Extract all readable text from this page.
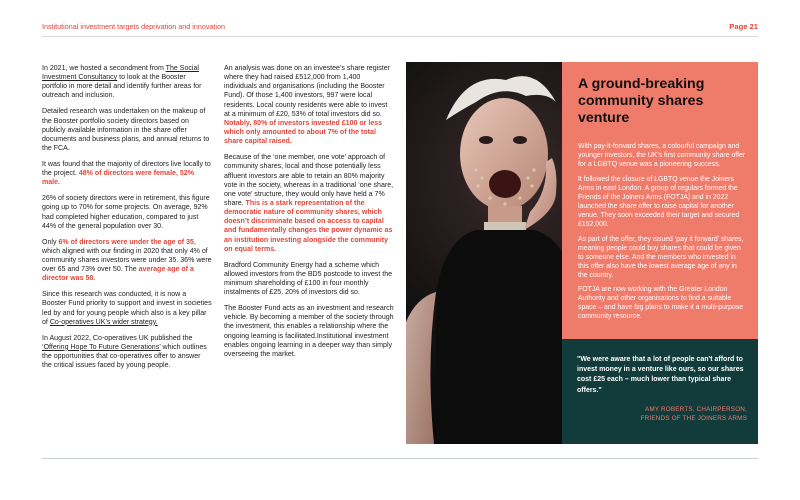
Institutional investment targets deprivation and innovation	Page 21

In 2021, we hosted a secondment from The Social Investment Consultancy to look at the Booster portfolio in more detail and identify further areas for outreach and inclusion.

Detailed research was undertaken on the makeup of the Booster portfolio society directors based on publicly available information in the share offer documents and business plans, and annual returns to the FCA.

It was found that the majority of directors live locally to the project. 48% of directors were female, 52% male.

26% of society directors were in retirement, this figure going up to 70% for some projects. On average, 92% had completed higher education, compared to just 44% of the general population over 30.

Only 6% of directors were under the age of 35, which aligned with our finding in 2020 that only 4% of community shares investors were under 35. 36% were over 65 and 73% over 50. The average age of a director was 58.

Since this research was conducted, it is now a Booster Fund priority to support and invest in societies led by and for young people which also is a key pillar of Co-operatives UK’s wider strategy.

In August 2022, Co-operatives UK published the ‘Offering Hope To Future Generations’ which outlines the opportunities that co-operatives offer to answer the critical issues faced by young people.

An analysis was done on an investee’s share register where they had raised £512,000 from 1,400 individuals and organisations (including the Booster Fund). Of those 1,400 investors, 997 were local residents. Local county residents were able to invest at a minimum of £20, 53% of total investors did so. Notably, 80% of investors invested £100 or less which only amounted to about 7% of the total share capital raised.

Because of the ‘one member, one vote’ approach of community shares, local and those potentially less affluent investors are able to retain an 80% majority vote in the society, whereas in a traditional ‘one share, one vote’ structure, they would only have held a 7% share. This is a stark representation of the democratic nature of community shares, which doesn’t discriminate based on access to capital and fundamentally changes the power dynamic as an institution investing alongside the community on equal terms.

Bradford Community Energy had a scheme which allowed investors from the BD5 postcode to invest the minimum shareholding of £100 in four monthly instalments of £25. 20% of investors did so.

The Booster Fund acts as an investment and research vehicle. By becoming a member of the society through the investment, this enables a relationship where the ongoing learning is facilitated.Institutional investment enables ongoing learning in a deeper way than simply overseeing the market.

A ground-breaking community shares venture

With pay-it-forward shares, a colourful campaign and younger investors, the UK’s first community share offer for a LGBTQ venue was a pioneering success.

It followed the closure of LGBTQ venue the Joiners Arms in east London. A group of regulars formed the Friends of the Joiners Arms (FOTJA) and in 2022 launched the share offer to raise capital for another venue. They soon exceeded their target and secured £152,000.

As part of the offer, they issued ‘pay it forward’ shares, meaning people could buy shares that could be given to someone else. And the members who invested in this offer also have the lowest average age of any in the country.

FOTJA are now working with the Greater London Authority and other organisations to find a suitable space – and have big plans to make it a multi-purpose community resource.

"We were aware that a lot of people can't afford to invest money in a venture like ours, so our shares cost £25 each – much lower than typical share offers."
AMY ROBERTS, CHAIRPERSON,
FRIENDS OF THE JOINERS ARMS
